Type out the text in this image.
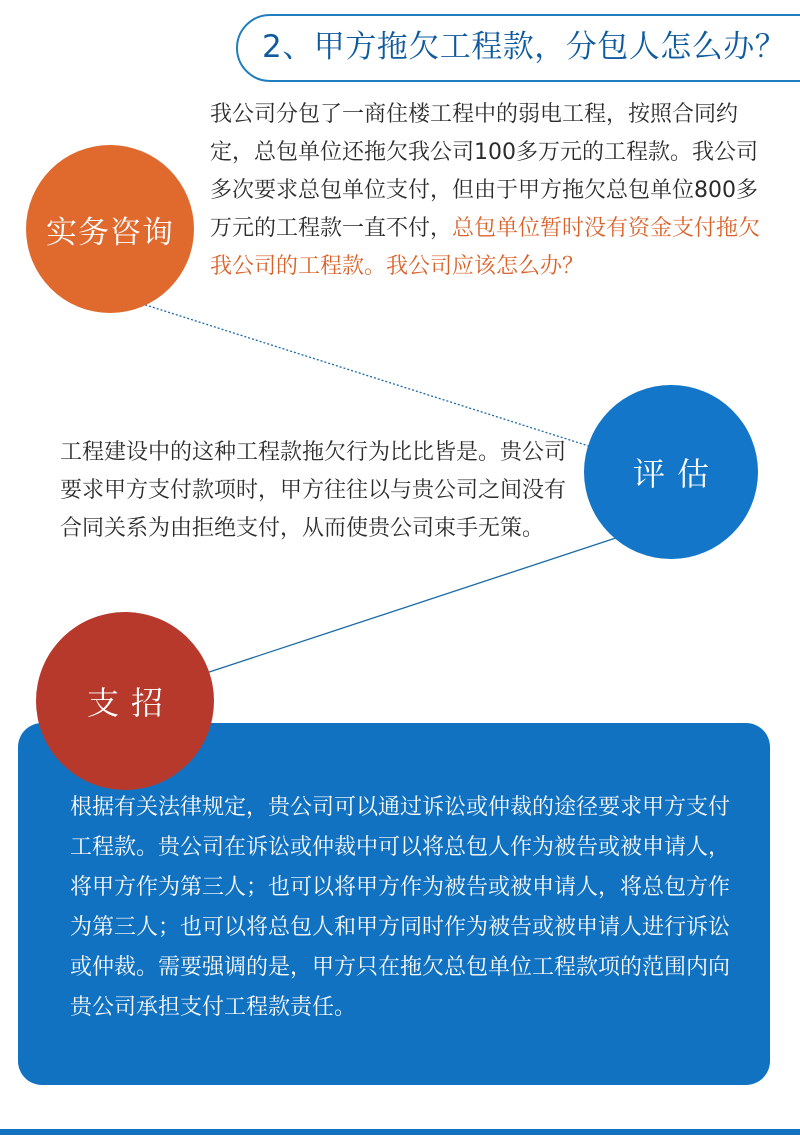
2、甲方拖欠工程款，分包人怎么办？
实务咨询
我公司分包了一商住楼工程中的弱电工程，按照合同约定，总包单位还拖欠我公司100多万元的工程款。我公司多次要求总包单位支付，但由于甲方拖欠总包单位800多万元的工程款一直不付，总包单位暂时没有资金支付拖欠我公司的工程款。我公司应该怎么办？
评估
工程建设中的这种工程款拖欠行为比比皆是。贵公司要求甲方支付款项时，甲方往往以与贵公司之间没有合同关系为由拒绝支付，从而使贵公司束手无策。
支招
根据有关法律规定，贵公司可以通过诉讼或仲裁的途径要求甲方支付工程款。贵公司在诉讼或仲裁中可以将总包人作为被告或被申请人，将甲方作为第三人；也可以将甲方作为被告或被申请人，将总包方作为第三人；也可以将总包人和甲方同时作为被告或被申请人进行诉讼或仲裁。需要强调的是，甲方只在拖欠总包单位工程款项的范围内向贵公司承担支付工程款责任。
